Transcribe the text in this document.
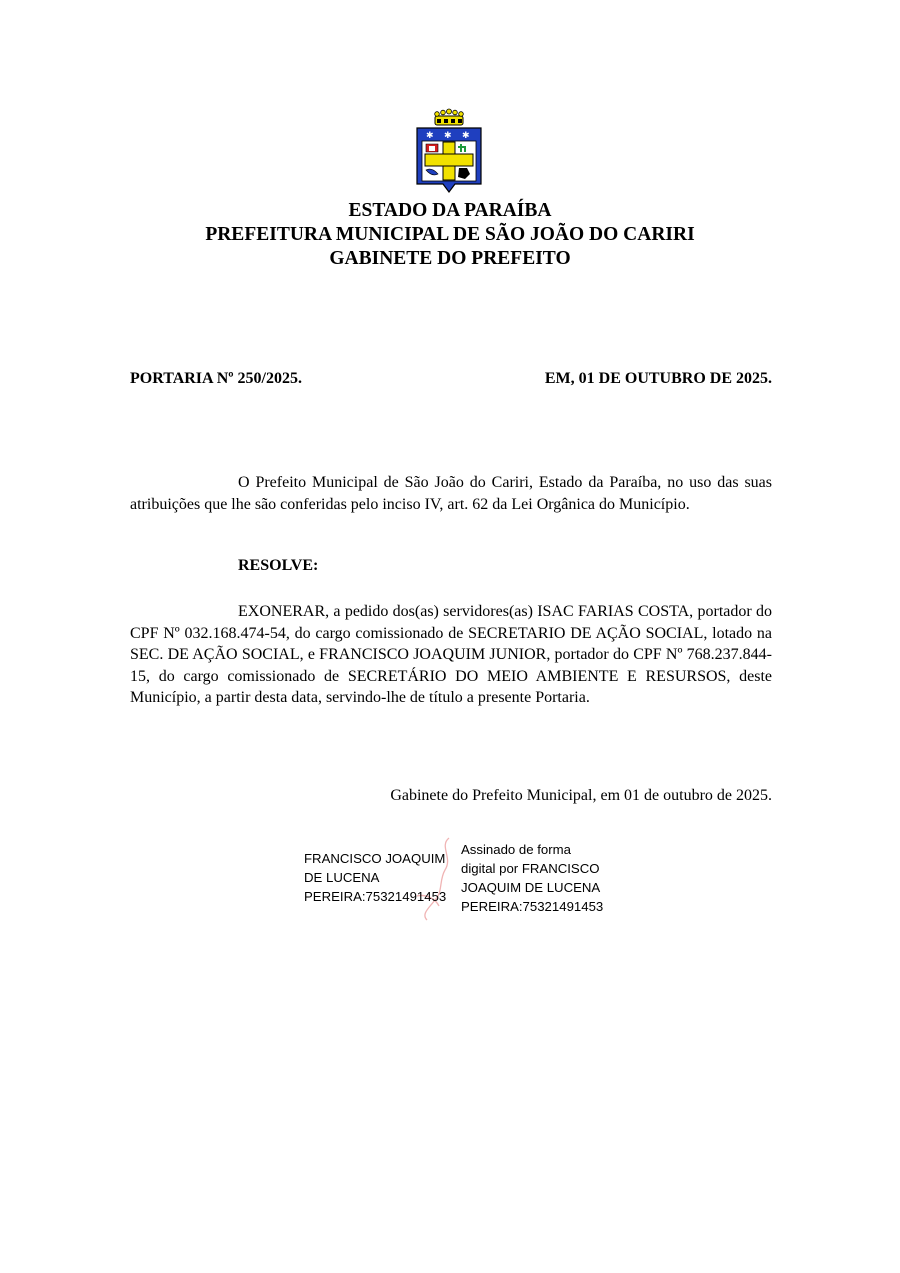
✱ ✱ ✱
ESTADO DA PARAÍBA
PREFEITURA MUNICIPAL DE SÃO JOÃO DO CARIRI
GABINETE DO PREFEITO
PORTARIA Nº 250/2025.	EM, 01 DE OUTUBRO DE 2025.
O Prefeito Municipal de São João do Cariri, Estado da Paraíba, no uso das suas atribuições que lhe são conferidas pelo inciso IV, art. 62 da Lei Orgânica do Município.
RESOLVE:
EXONERAR, a pedido dos(as) servidores(as) ISAC FARIAS COSTA, portador do CPF Nº 032.168.474-54, do cargo comissionado de SECRETARIO DE AÇÃO SOCIAL, lotado na SEC. DE AÇÃO SOCIAL, e FRANCISCO JOAQUIM JUNIOR, portador do CPF Nº 768.237.844-15, do cargo comissionado de SECRETÁRIO DO MEIO AMBIENTE E RESURSOS, deste Município, a partir desta data, servindo-lhe de título a presente Portaria.
Gabinete do Prefeito Municipal, em 01 de outubro de 2025.
FRANCISCO JOAQUIM
DE LUCENA
PEREIRA:75321491453
Assinado de forma
digital por FRANCISCO
JOAQUIM DE LUCENA
PEREIRA:75321491453
